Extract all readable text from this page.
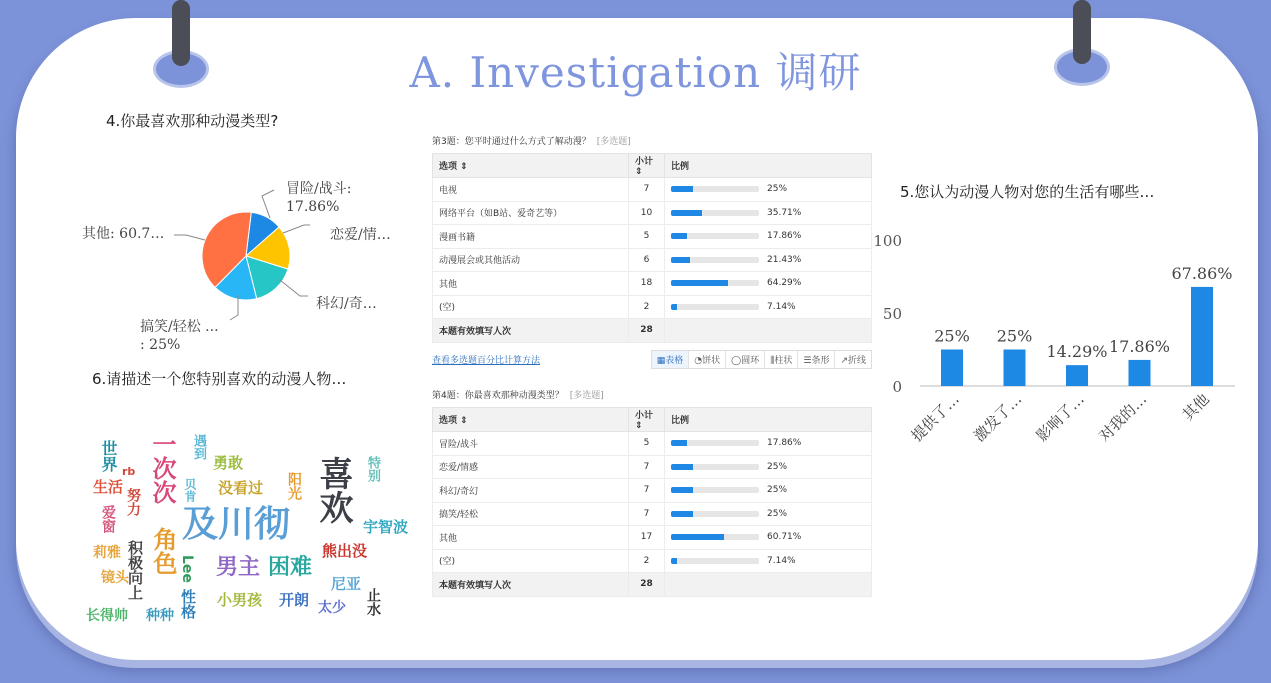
A. Investigation 调研
4.你最喜欢那种动漫类型?
冒险/战斗:
17.86%
恋爱/情…
科幻/奇…
搞笑/轻松 ...
: 25%
其他: 60.7…
6.请描述一个您特别喜欢的动漫人物…
世界
生活
爱窗
莉雅
镜头
长得帅
遇到
勇敢
一次次
努力
积极向上 角色 Lee
性格
种种
贝肯 没看过
及川彻
男主 困难
小男孩 开朗
阳光 喜欢
熊出没
尼亚
太少
宇智波
特别
止水
rb
第3题：您平时通过什么方式了解动漫？ [多选题]
选项 ⇕	小计 ⇕	比例
电视	7	25%

网络平台（如B站、爱奇艺等）	10	35.71%

漫画书籍	5	17.86%

动漫展会或其他活动	6	21.43%

其他	18	64.29%

(空)	2	7.14%

本题有效填写人次	28	
查看多选题百分比计算方法	▦表格	◔饼状	◯圆环	⫼柱状	☰条形	↗折线
第4题：你最喜欢那种动漫类型？ [多选题]
选项 ⇕	小计 ⇕	比例
冒险/战斗	5	17.86%

恋爱/情感	7	25%

科幻/奇幻	7	25%

搞笑/轻松	7	25%

其他	17	60.71%

(空)	2	7.14%

本题有效填写人次	28	
5.您认为动漫人物对您的生活有哪些…
0
50
100
25%
提供了…
25%
激发了…
14.29%
影响了…
17.86%
对我的…
67.86%
其他
